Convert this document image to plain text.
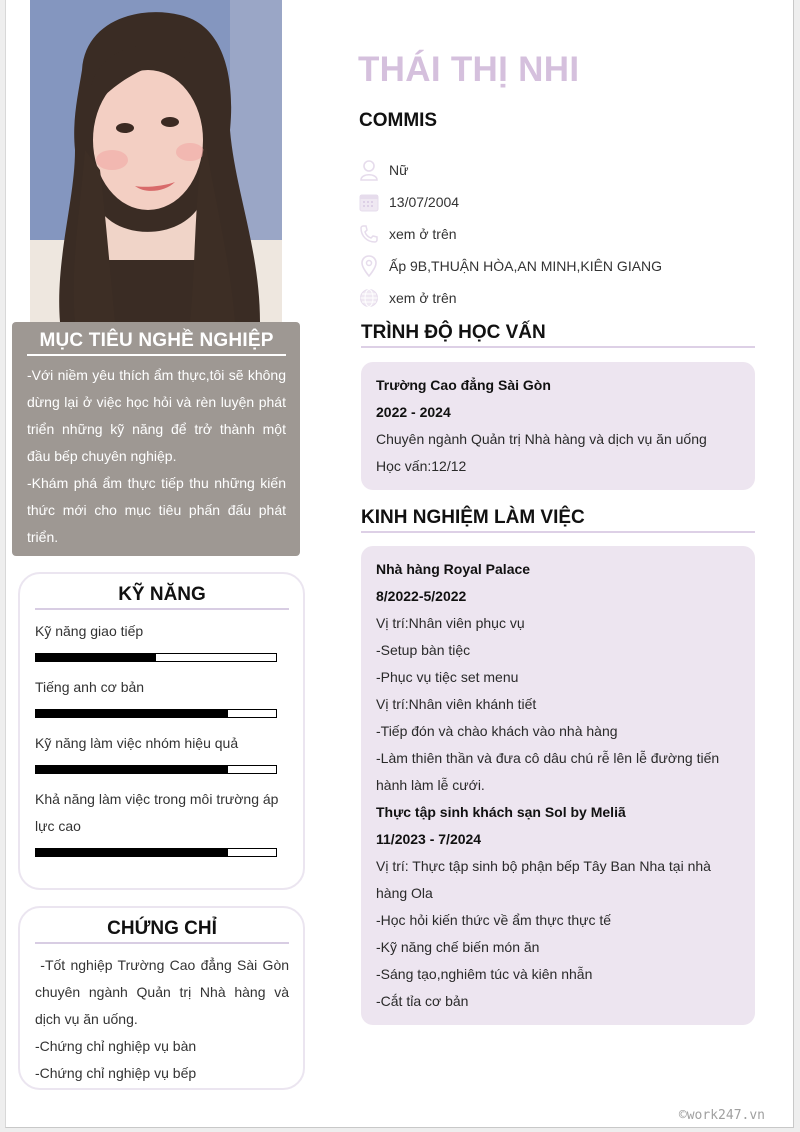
MỤC TIÊU NGHỀ NGHIỆP

-Với niềm yêu thích ẩm thực,tôi sẽ không dừng lại ở việc học hỏi và rèn luyện phát triển những kỹ năng để trở thành một đầu bếp chuyên nghiệp.

-Khám phá ẩm thực tiếp thu những kiến thức mới cho mục tiêu phấn đấu phát triển.

KỸ NĂNG
Kỹ năng giao tiếp
Tiếng anh cơ bản
Kỹ năng làm việc nhóm hiệu quả
Khả năng làm việc trong môi trường áp lực cao
CHỨNG CHỈ

-Tốt nghiệp Trường Cao đẳng Sài Gòn chuyên ngành Quản trị Nhà hàng và dịch vụ ăn uống.

-Chứng chỉ nghiệp vụ bàn

-Chứng chỉ nghiệp vụ bếp

THÁI THỊ NHI
COMMIS
Nữ
13/07/2004
xem ở trên
Ấp 9B,THUẬN HÒA,AN MINH,KIÊN GIANG
xem ở trên
TRÌNH ĐỘ HỌC VẤN
Trường Cao đẳng Sài Gòn
2022 - 2024
Chuyên ngành Quản trị Nhà hàng và dịch vụ ăn uống
Học vấn:12/12
KINH NGHIỆM LÀM VIỆC
Nhà hàng Royal Palace
8/2022-5/2022
Vị trí:Nhân viên phục vụ
-Setup bàn tiệc
-Phục vụ tiệc set menu
Vị trí:Nhân viên khánh tiết
-Tiếp đón và chào khách vào nhà hàng
-Làm thiên thần và đưa cô dâu chú rễ lên lễ đường tiến hành làm lễ cưới.
Thực tập sinh khách sạn Sol by Meliã
11/2023 - 7/2024
Vị trí: Thực tập sinh bộ phận bếp Tây Ban Nha tại nhà hàng Ola
-Học hỏi kiến thức về ẩm thực thực tế
-Kỹ năng chế biến món ăn
-Sáng tạo,nghiêm túc và kiên nhẫn
-Cắt tỉa cơ bản
©work247.vn
